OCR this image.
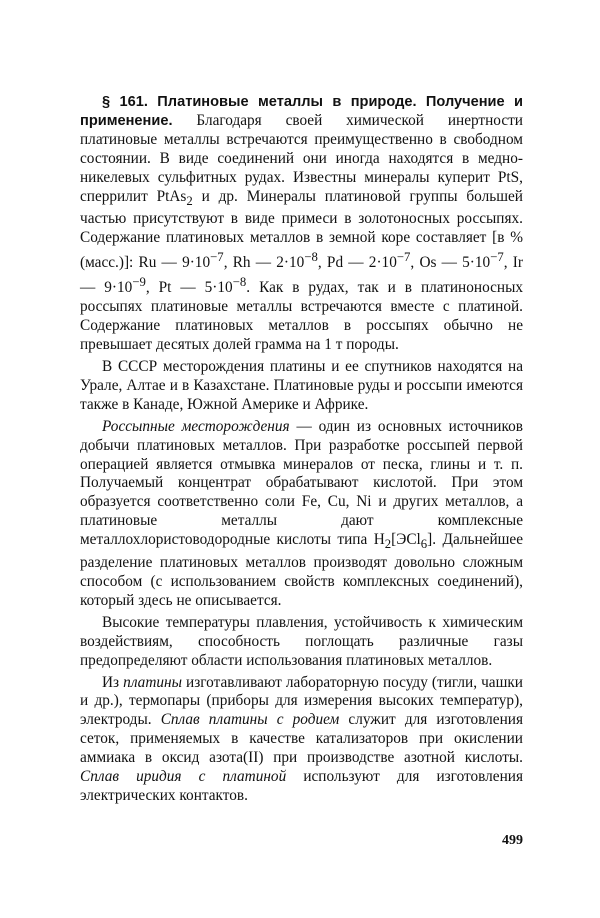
§ 161. Платиновые металлы в природе. Получение и применение. Благодаря своей химической инертности платиновые металлы встречаются преимущественно в свободном состоянии. В виде соединений они иногда находятся в медно-никелевых сульфитных рудах. Известны минералы куперит PtS, сперрилит PtAs$_2$ и др. Минералы платиновой группы большей частью присутствуют в виде примеси в золотоносных россыпях. Содержание платиновых металлов в земной коре составляет [в % (масс.)]: Ru — $9\cdot 10^{-7}$, Rh — $2\cdot 10^{-8}$, Pd — $2\cdot 10^{-7}$, Os — $5\cdot 10^{-7}$, Ir — $9\cdot 10^{-9}$, Pt — $5\cdot 10^{-8}$. Как в рудах, так и в платиноносных россыпях платиновые металлы встречаются вместе с платиной. Содержание платиновых металлов в россыпях обычно не превышает десятых долей грамма на 1 т породы.

В СССР месторождения платины и ее спутников находятся на Урале, Алтае и в Казахстане. Платиновые руды и россыпи имеются также в Канаде, Южной Америке и Африке.

Россыпные месторождения — один из основных источников добычи платиновых металлов. При разработке россыпей первой операцией является отмывка минералов от песка, глины и т. п. Получаемый концентрат обрабатывают кислотой. При этом образуется соответственно соли Fe, Cu, Ni и других металлов, а платиновые металлы дают комплексные металлохлористоводородные кислоты типа $H_2[ЭCl_6]$. Дальнейшее разделение платиновых металлов производят довольно сложным способом (с использованием свойств комплексных соединений), который здесь не описывается.

Высокие температуры плавления, устойчивость к химическим воздействиям, способность поглощать различные газы предопределяют области использования платиновых металлов.

Из платины изготавливают лабораторную посуду (тигли, чашки и др.), термопары (приборы для измерения высоких температур), электроды. Сплав платины с родием служит для изготовления сеток, применяемых в качестве катализаторов при окислении аммиака в оксид азота(II) при производстве азотной кислоты. Сплав иридия с платиной используют для изготовления электрических контактов.

499
